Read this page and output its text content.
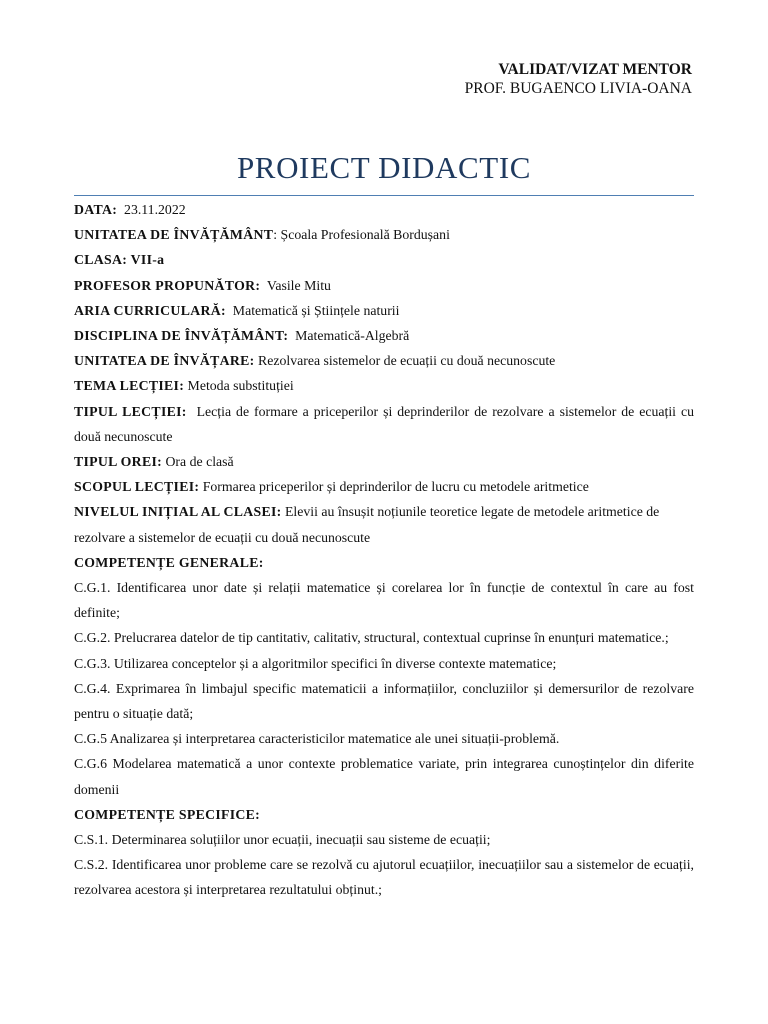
VALIDAT/VIZAT MENTOR
PROF. BUGAENCO LIVIA-OANA
PROIECT DIDACTIC

DATA: 23.11.2022

UNITATEA DE ÎNVĂȚĂMÂNT: Școala Profesională Bordușani

CLASA: VII-a

PROFESOR PROPUNĂTOR: Vasile Mitu

ARIA CURRICULARĂ: Matematică și Științele naturii

DISCIPLINA DE ÎNVĂȚĂMÂNT: Matematică-Algebră

UNITATEA DE ÎNVĂȚARE: Rezolvarea sistemelor de ecuații cu două necunoscute

TEMA LECȚIEI: Metoda substituției

TIPUL LECȚIEI: Lecția de formare a priceperilor și deprinderilor de rezolvare a sistemelor de ecuații cu două necunoscute

TIPUL OREI: Ora de clasă

SCOPUL LECȚIEI: Formarea priceperilor și deprinderilor de lucru cu metodele aritmetice

NIVELUL INIȚIAL AL CLASEI: Elevii au însușit noțiunile teoretice legate de metodele aritmetice de rezolvare a sistemelor de ecuații cu două necunoscute

COMPETENȚE GENERALE:

C.G.1. Identificarea unor date și relații matematice și corelarea lor în funcție de contextul în care au fost definite;

C.G.2. Prelucrarea datelor de tip cantitativ, calitativ, structural, contextual cuprinse în enunțuri matematice.;

C.G.3. Utilizarea conceptelor și a algoritmilor specifici în diverse contexte matematice;

C.G.4. Exprimarea în limbajul specific matematicii a informațiilor, concluziilor și demersurilor de rezolvare pentru o situație dată;

C.G.5 Analizarea și interpretarea caracteristicilor matematice ale unei situații-problemă.

C.G.6 Modelarea matematică a unor contexte problematice variate, prin integrarea cunoștințelor din diferite domenii

COMPETENȚE SPECIFICE:

C.S.1. Determinarea soluțiilor unor ecuații, inecuații sau sisteme de ecuații;

C.S.2. Identificarea unor probleme care se rezolvă cu ajutorul ecuațiilor, inecuațiilor sau a sistemelor de ecuații, rezolvarea acestora și interpretarea rezultatului obținut.;
